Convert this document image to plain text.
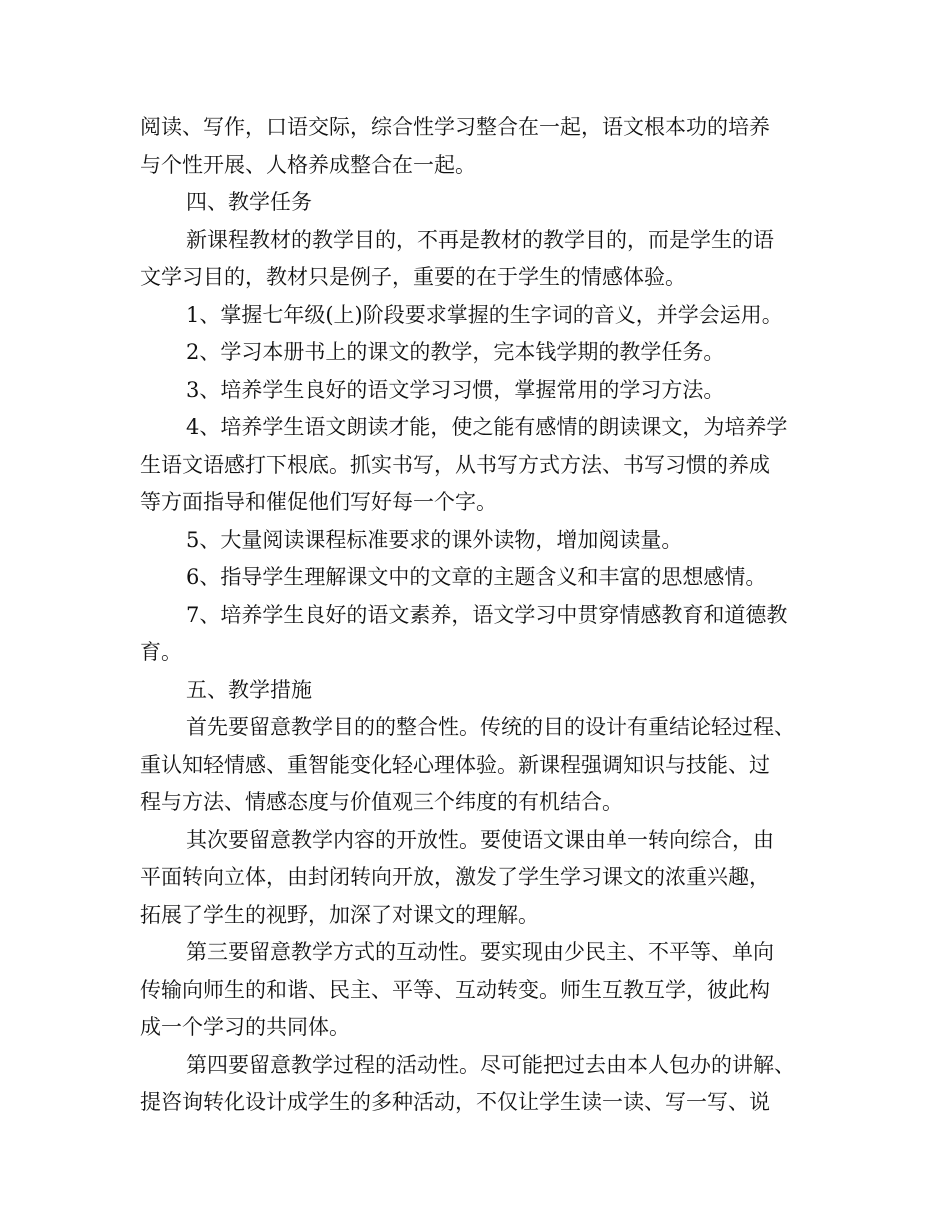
阅读、写作，口语交际，综合性学习整合在一起，语文根本功的培养
与个性开展、人格养成整合在一起。
四、教学任务
新课程教材的教学目的，不再是教材的教学目的，而是学生的语
文学习目的，教材只是例子，重要的在于学生的情感体验。
1、掌握七年级(上)阶段要求掌握的生字词的音义，并学会运用。
2、学习本册书上的课文的教学，完本钱学期的教学任务。
3、培养学生良好的语文学习习惯，掌握常用的学习方法。
4、培养学生语文朗读才能，使之能有感情的朗读课文，为培养学
生语文语感打下根底。抓实书写，从书写方式方法、书写习惯的养成
等方面指导和催促他们写好每一个字。
5、大量阅读课程标准要求的课外读物，增加阅读量。
6、指导学生理解课文中的文章的主题含义和丰富的思想感情。
7、培养学生良好的语文素养，语文学习中贯穿情感教育和道德教
育。
五、教学措施
首先要留意教学目的的整合性。传统的目的设计有重结论轻过程、
重认知轻情感、重智能变化轻心理体验。新课程强调知识与技能、过
程与方法、情感态度与价值观三个纬度的有机结合。
其次要留意教学内容的开放性。要使语文课由单一转向综合，由
平面转向立体，由封闭转向开放，激发了学生学习课文的浓重兴趣，
拓展了学生的视野，加深了对课文的理解。
第三要留意教学方式的互动性。要实现由少民主、不平等、单向
传输向师生的和谐、民主、平等、互动转变。师生互教互学，彼此构
成一个学习的共同体。
第四要留意教学过程的活动性。尽可能把过去由本人包办的讲解、
提咨询转化设计成学生的多种活动，不仅让学生读一读、写一写、说
